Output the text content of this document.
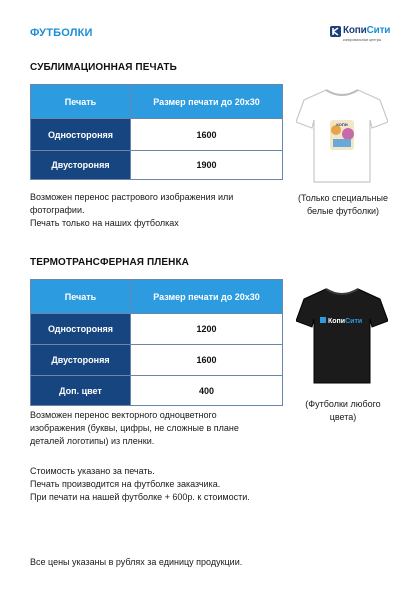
ФУТБОЛКИ	КопиСити
копировальные центры
СУБЛИМАЦИОННАЯ ПЕЧАТЬ
Печать	Размер печати до 20х30
Одностороняя	1600
Двустороняя	1900
Возможен перенос растрового изображения или
фотографии.
Печать только на наших футболках
КОПИ
(Только специальные
белые футболки)
ТЕРМОТРАНСФЕРНАЯ ПЛЕНКА
Печать	Размер печати до 20х30
Одностороняя	1200
Двустороняя	1600
Доп. цвет	400
Возможен перенос векторного одноцветного
изображения (буквы, цифры, не сложные в плане
деталей логотипы) из пленки.
Стоимость указано за печать.
Печать производится на футболке заказчика.
При печати на нашей футболке + 600р. к стоимости.
КопиСити
(Футболки любого
цвета)
Все цены указаны в рублях за единицу продукции.
